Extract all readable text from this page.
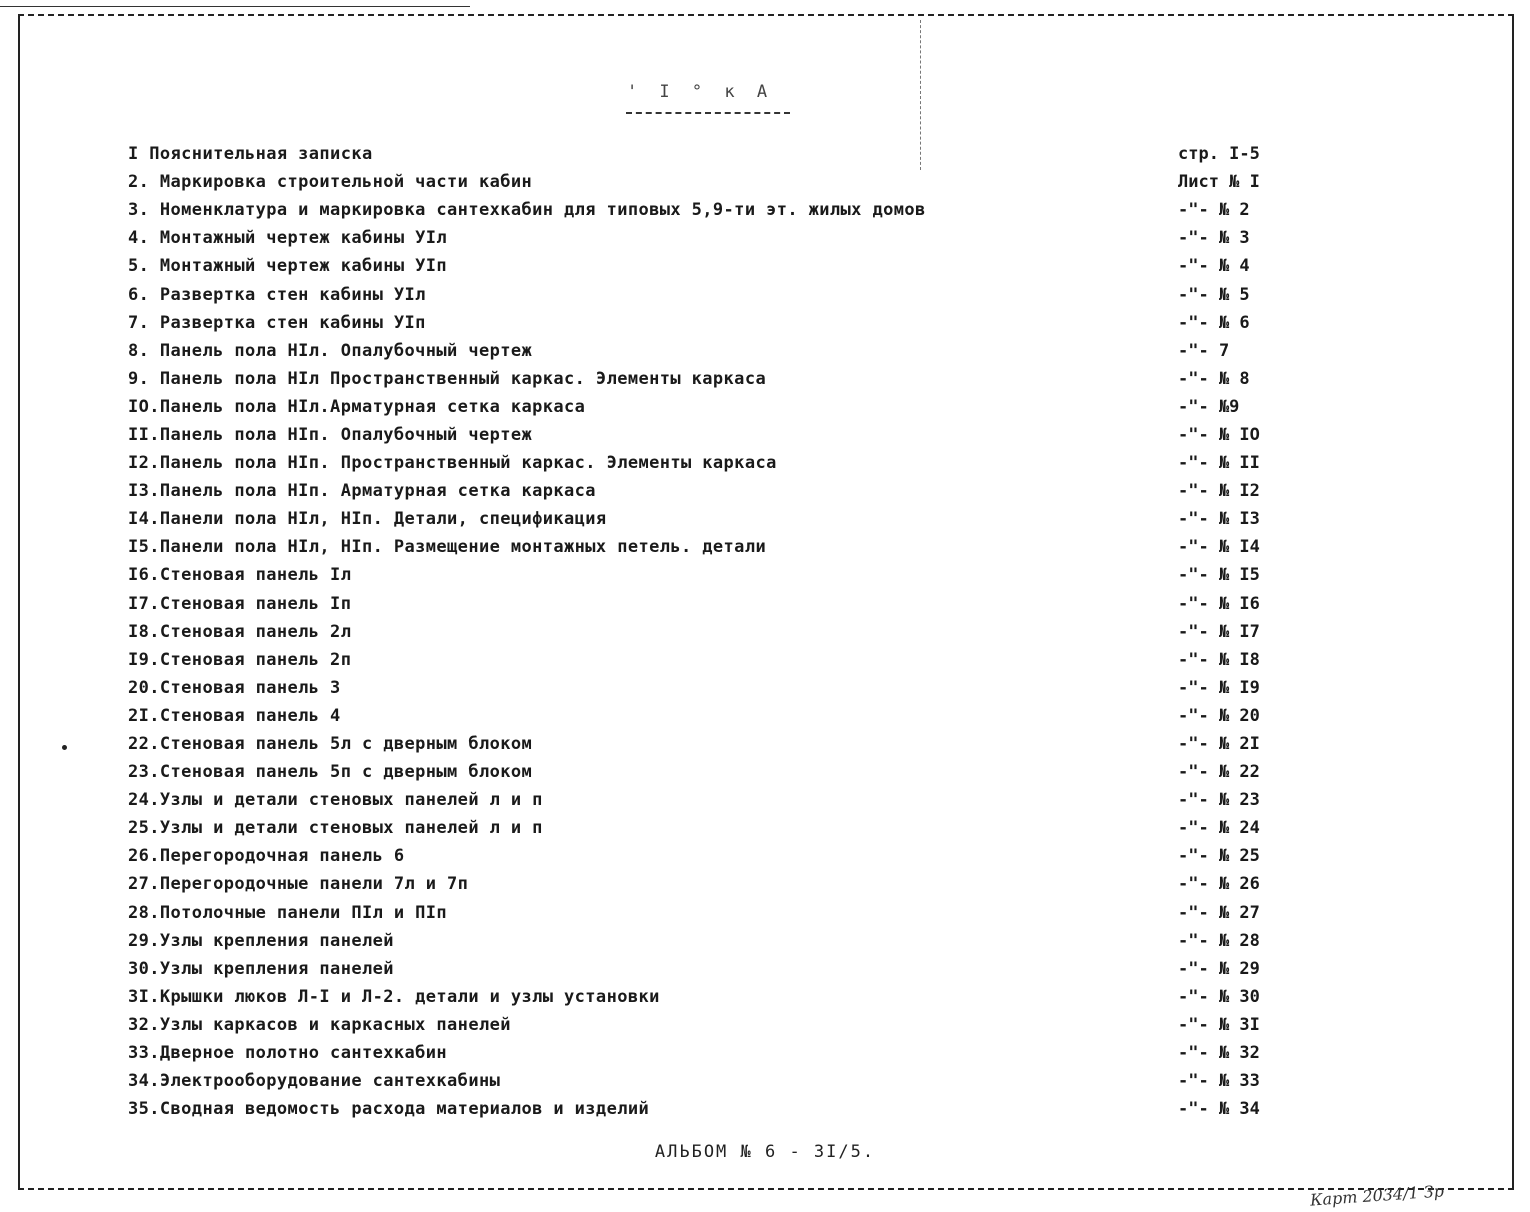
' I ° к А
I Пояснительная записка	стр. I-5
2. Маркировка строительной части кабин	Лист № I
3. Номенклатура и маркировка сантехкабин для типовых 5,9-ти эт. жилых домов	-"- № 2
4. Монтажный чертеж кабины УIл	-"- № 3
5. Монтажный чертеж кабины УIп	-"- № 4
6. Развертка стен кабины УIл	-"- № 5
7. Развертка стен кабины УIп	-"- № 6
8. Панель пола НIл. Опалубочный чертеж	-"- 7
9. Панель пола НIл Пространственный каркас. Элементы каркаса	-"- № 8
IO.Панель пола НIл.Арматурная сетка каркаса	-"- №9
II.Панель пола НIп. Опалубочный чертеж	-"- № IO
I2.Панель пола НIп. Пространственный каркас. Элементы каркаса	-"- № II
I3.Панель пола НIп. Арматурная сетка каркаса	-"- № I2
I4.Панели пола НIл, НIп. Детали, спецификация	-"- № I3
I5.Панели пола НIл, НIп. Размещение монтажных петель. детали	-"- № I4
I6.Стеновая панель Iл	-"- № I5
I7.Стеновая панель Iп	-"- № I6
I8.Стеновая панель 2л	-"- № I7
I9.Стеновая панель 2п	-"- № I8
20.Стеновая панель 3	-"- № I9
2I.Стеновая панель 4	-"- № 20
22.Стеновая панель 5л с дверным блоком	-"- № 2I
23.Стеновая панель 5п с дверным блоком	-"- № 22
24.Узлы и детали стеновых панелей л и п	-"- № 23
25.Узлы и детали стеновых панелей л и п	-"- № 24
26.Перегородочная панель 6	-"- № 25
27.Перегородочные панели 7л и 7п	-"- № 26
28.Потолочные панели ПIл и ПIп	-"- № 27
29.Узлы крепления панелей	-"- № 28
30.Узлы крепления панелей	-"- № 29
3I.Крышки люков Л-I и Л-2. детали и узлы установки	-"- № 30
32.Узлы каркасов и каркасных панелей	-"- № 3I
33.Дверное полотно сантехкабин	-"- № 32
34.Электрооборудование сантехкабины	-"- № 33
35.Сводная ведомость расхода материалов и изделий	-"- № 34
АЛЬБОМ № 6 - 3I/5.
Карт 2034/1 Зр
